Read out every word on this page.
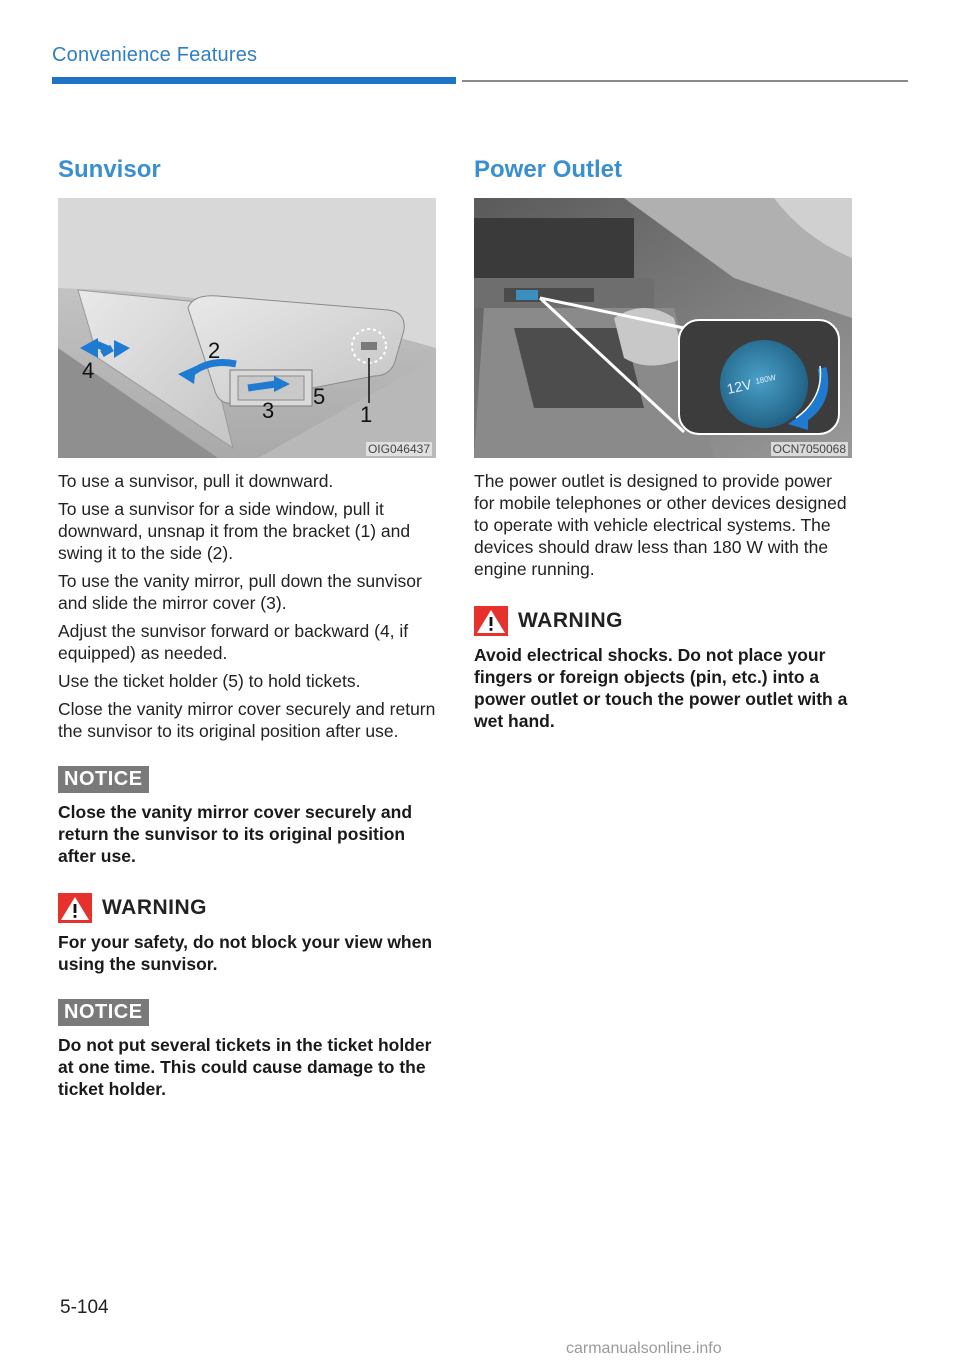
Convenience Features
Sunvisor
1
2
3
4
5
OIG046437

To use a sunvisor, pull it downward.

To use a sunvisor for a side window, pull it downward, unsnap it from the bracket (1) and swing it to the side (2).

To use the vanity mirror, pull down the sunvisor and slide the mirror cover (3).

Adjust the sunvisor forward or backward (4, if equipped) as needed.

Use the ticket holder (5) to hold tickets.

Close the vanity mirror cover securely and return the sunvisor to its original position after use.

NOTICE

Close the vanity mirror cover securely and return the sunvisor to its original position after use.

WARNING

For your safety, do not block your view when using the sunvisor.

NOTICE

Do not put several tickets in the ticket holder at one time. This could cause damage to the ticket holder.

Power Outlet
12V 180W
OCN7050068

The power outlet is designed to provide power for mobile telephones or other devices designed to operate with vehicle electrical systems. The devices should draw less than 180 W with the engine running.

WARNING

Avoid electrical shocks. Do not place your fingers or foreign objects (pin, etc.) into a power outlet or touch the power outlet with a wet hand.

5-104
carmanualsonline.info
